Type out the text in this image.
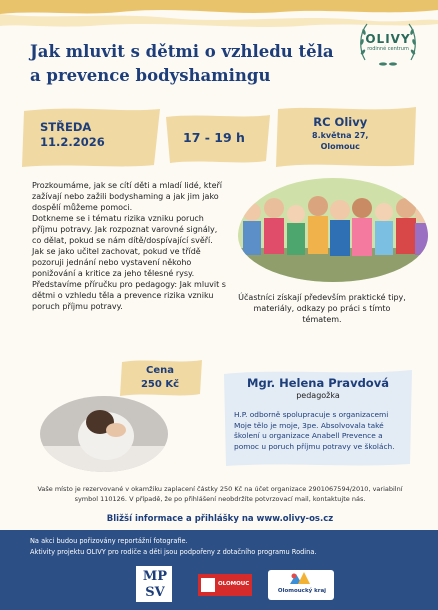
Jak mluvit s dětmi o vzhledu těla
a prevence bodyshamingu
OLIVY
rodinné centrum
STŘEDA
11.2.2026	17 - 19 h
RC Olivy
8.května 27,
Olomouc

Prozkoumáme, jak se cítí děti a mladí lidé, kteří zažívají nebo zažili bodyshaming a jak jim jako dospělí můžeme pomoci.
Dotkneme se i tématu rizika vzniku poruch příjmu potravy. Jak rozpoznat varovné signály, co dělat, pokud se nám dítě/dospívající svěří.
Jak se jako učitel zachovat, pokud ve třídě pozoruji jednání nebo vystavení někoho ponižování a kritice za jeho tělesné rysy. Představíme příručku pro pedagogy: Jak mluvit s dětmi o vzhledu těla a prevence rizika vzniku poruch příjmu potravy.

Účastníci získají především praktické tipy, materiály, odkazy po práci s tímto tématem.

Cena
250 Kč	Mgr. Helena Pravdová
pedagožka

H.P. odborně spolupracuje s organizacemi Moje tělo je moje, 3pe. Absolvovala také školení u organizace Anabell Prevence a pomoc u poruch příjmu potravy ve školách.

Vaše místo je rezervované v okamžiku zaplacení částky 250 Kč na účet organizace 2901067594/2010, variabilní symbol 110126. V případě, že po přihlášení neobdržíte potvrzovací mail, kontaktujte nás.

Bližší informace a přihlášky na www.olivy-os.cz

Na akci budou pořizovány reportážní fotografie.
Aktivity projektu OLIVY pro rodiče a děti jsou podpořeny z dotačního programu Rodina.

MP
SV
OLOMOUC
Olomoucký kraj
